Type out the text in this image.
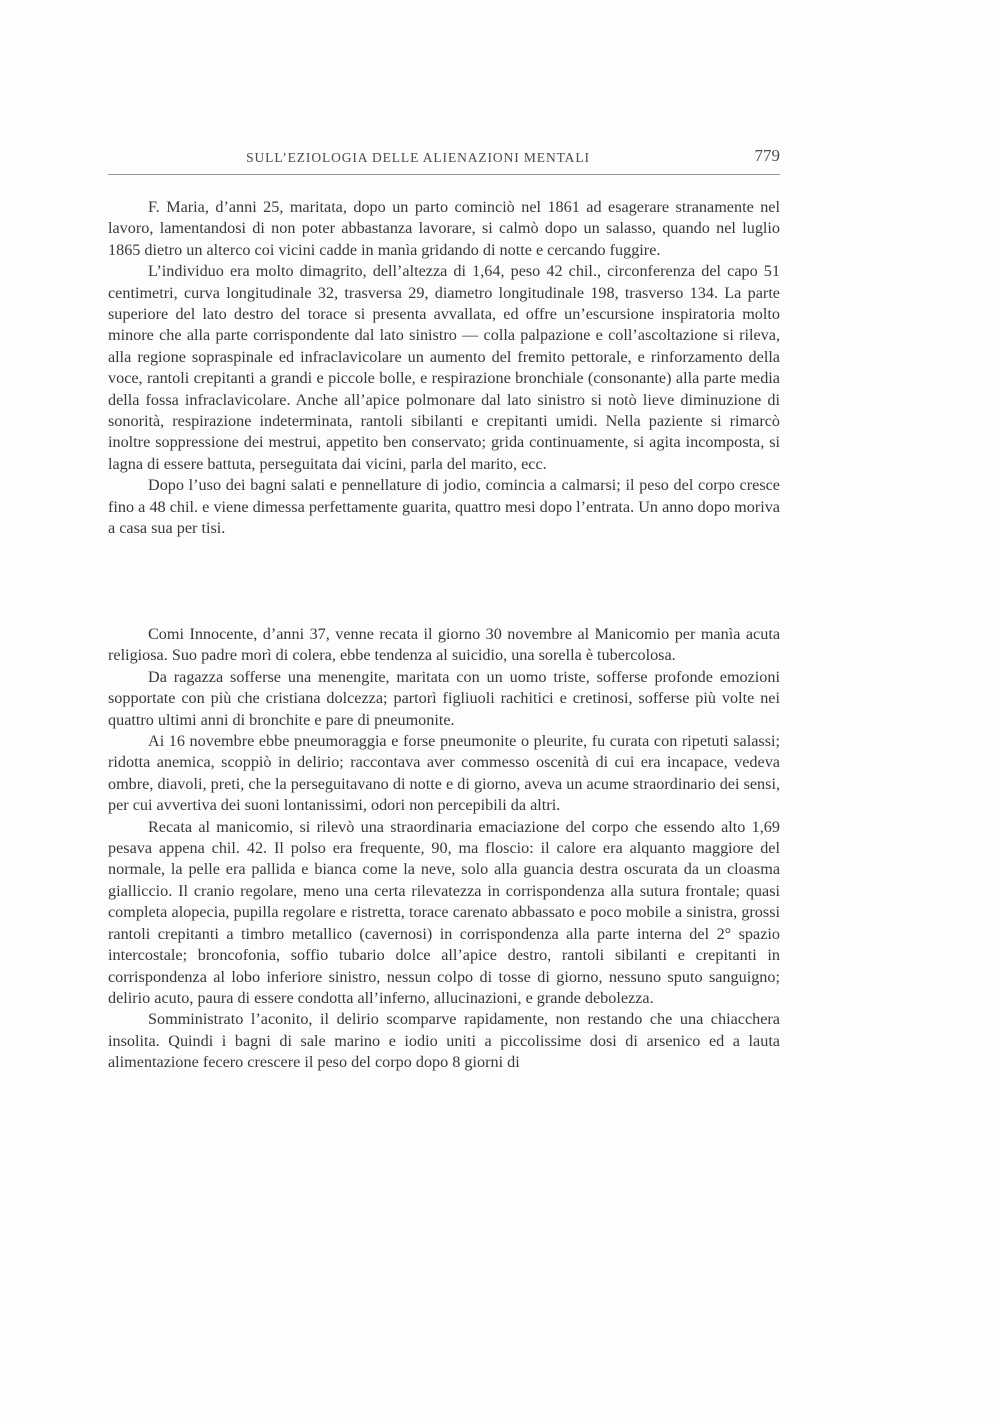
SULL’EZIOLOGIA DELLE ALIENAZIONI MENTALI	779

F. Maria, d’anni 25, maritata, dopo un parto cominciò nel 1861 ad esagerare stranamente nel lavoro, lamentandosi di non poter abbastanza lavorare, si calmò dopo un salasso, quando nel luglio 1865 dietro un alterco coi vicini cadde in manìa gridando di notte e cercando fuggire.

L’individuo era molto dimagrito, dell’altezza di 1,64, peso 42 chil., circonferenza del capo 51 centimetri, curva longitudinale 32, trasversa 29, diametro longitudinale 198, trasverso 134. La parte superiore del lato destro del torace si presenta avvallata, ed offre un’escursione inspiratoria molto minore che alla parte corrispondente dal lato sinistro — colla palpazione e coll’ascoltazione si rileva, alla regione sopraspinale ed infraclavicolare un aumento del fremito pettorale, e rinforzamento della voce, rantoli crepitanti a grandi e piccole bolle, e respirazione bronchiale (consonante) alla parte media della fossa infraclavicolare. Anche all’apice polmonare dal lato sinistro si notò lieve diminuzione di sonorità, respirazione indeterminata, rantoli sibilanti e crepitanti umidi. Nella paziente si rimarcò inoltre soppressione dei mestrui, appetito ben conservato; grida continuamente, si agita incomposta, si lagna di essere battuta, perseguitata dai vicini, parla del marito, ecc.

Dopo l’uso dei bagni salati e pennellature di jodio, comincia a calmarsi; il peso del corpo cresce fino a 48 chil. e viene dimessa perfettamente guarita, quattro mesi dopo l’entrata. Un anno dopo moriva a casa sua per tisi.

Comi Innocente, d’anni 37, venne recata il giorno 30 novembre al Manicomio per manìa acuta religiosa. Suo padre morì di colera, ebbe tendenza al suicidio, una sorella è tubercolosa.

Da ragazza sofferse una menengite, maritata con un uomo triste, sofferse profonde emozioni sopportate con più che cristiana dolcezza; partorì figliuoli rachitici e cretinosi, sofferse più volte nei quattro ultimi anni di bronchite e pare di pneumonite.

Ai 16 novembre ebbe pneumoraggia e forse pneumonite o pleurite, fu curata con ripetuti salassi; ridotta anemica, scoppiò in delirio; raccontava aver commesso oscenità di cui era incapace, vedeva ombre, diavoli, preti, che la perseguitavano di notte e di giorno, aveva un acume straordinario dei sensi, per cui avvertiva dei suoni lontanissimi, odori non percepibili da altri.

Recata al manicomio, si rilevò una straordinaria emaciazione del corpo che essendo alto 1,69 pesava appena chil. 42. Il polso era frequente, 90, ma floscio: il calore era alquanto maggiore del normale, la pelle era pallida e bianca come la neve, solo alla guancia destra oscurata da un cloasma gialliccio. Il cranio regolare, meno una certa rilevatezza in corrispondenza alla sutura frontale; quasi completa alopecia, pupilla regolare e ristretta, torace carenato abbassato e poco mobile a sinistra, grossi rantoli crepitanti a timbro metallico (cavernosi) in corrispondenza alla parte interna del 2° spazio intercostale; broncofonia, soffio tubario dolce all’apice destro, rantoli sibilanti e crepitanti in corrispondenza al lobo inferiore sinistro, nessun colpo di tosse di giorno, nessuno sputo sanguigno; delirio acuto, paura di essere condotta all’inferno, allucinazioni, e grande debolezza.

Somministrato l’aconito, il delirio scomparve rapidamente, non restando che una chiacchera insolita. Quindi i bagni di sale marino e iodio uniti a piccolissime dosi di arsenico ed a lauta alimentazione fecero crescere il peso del corpo dopo 8 giorni di
